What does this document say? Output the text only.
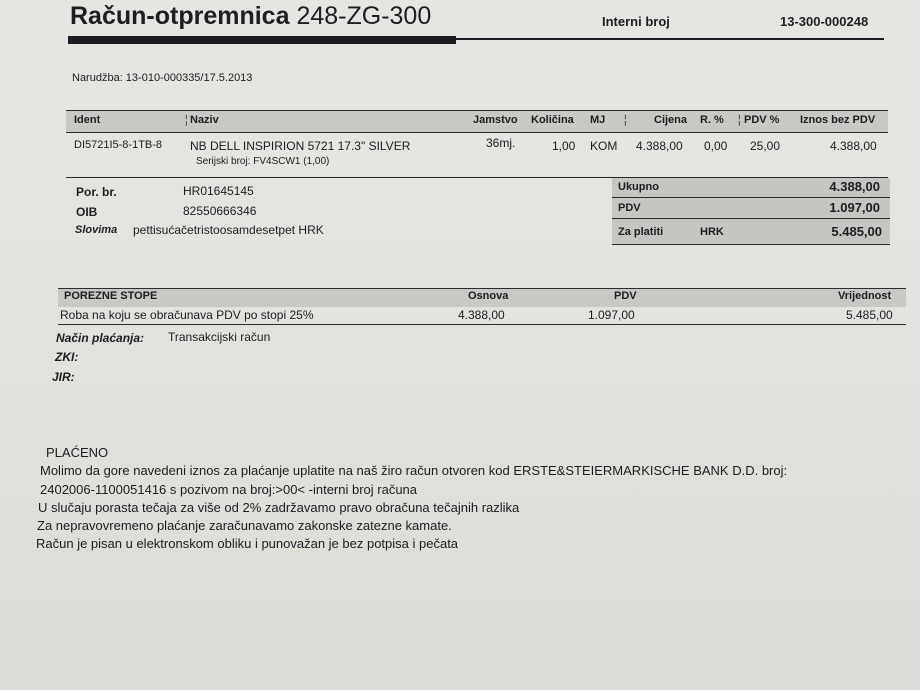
Račun-otpremnica 248-ZG-300	Interni broj	13-300-000248
Narudžba: 13-010-000335/17.5.2013
Ident	╎ Naziv	Jamstvo Količina MJ ╎ Cijena R. % ╎ PDV % Iznos bez PDV
DI5721I5-8-1TB-8 NB DELL INSPIRION 5721 17.3" SILVER
Serijski broj: FV4SCW1 (1,00)
36mj.	1,00 KOM 4.388,00 0,00 25,00	4.388,00
Por. br.	HR01645145
OIB	82550666346
Slovima pettisućačetristoosamdesetpet HRK
Ukupno	4.388,00
PDV	1.097,00
Za platiti	HRK	5.485,00
POREZNE STOPE	Osnova	PDV	Vrijednost
Roba na koju se obračunava PDV po stopi 25%	4.388,00	1.097,00	5.485,00
Način plaćanja: Transakcijski račun
ZKI:
JIR:
PLAĆENO
Molimo da gore navedeni iznos za plaćanje uplatite na naš žiro račun otvoren kod ERSTE&STEIERMARKISCHE BANK D.D. broj:
2402006-1100051416 s pozivom na broj:>00< -interni broj računa
U slučaju porasta tečaja za više od 2% zadržavamo pravo obračuna tečajnih razlika
Za nepravovremeno plaćanje zaračunavamo zakonske zatezne kamate.
Račun je pisan u elektronskom obliku i punovažan je bez potpisa i pečata
